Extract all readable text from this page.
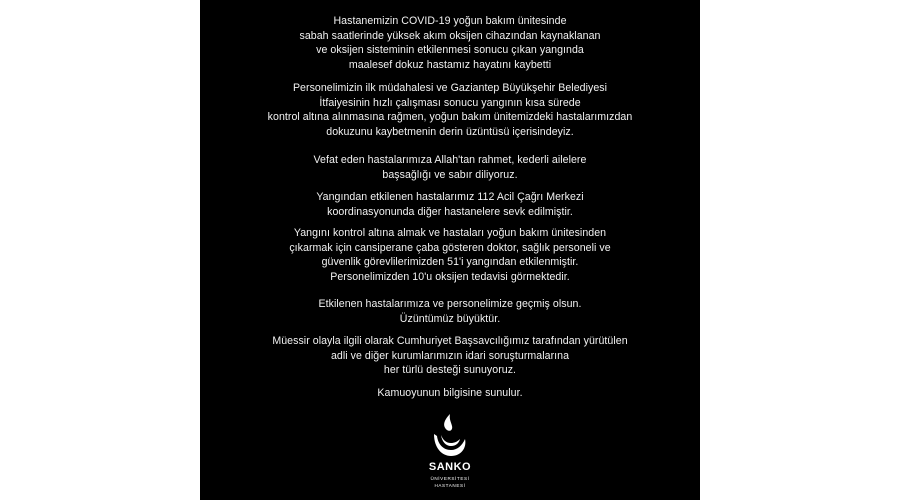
Hastanemizin COVID-19 yoğun bakım ünitesinde
sabah saatlerinde yüksek akım oksijen cihazından kaynaklanan
ve oksijen sisteminin etkilenmesi sonucu çıkan yangında
maalesef dokuz hastamız hayatını kaybetti

Personelimizin ilk müdahalesi ve Gaziantep Büyükşehir Belediyesi
İtfaiyesinin hızlı çalışması sonucu yangının kısa sürede
kontrol altına alınmasına rağmen, yoğun bakım ünitemizdeki hastalarımızdan
dokuzunu kaybetmenin derin üzüntüsü içerisindeyiz.

Vefat eden hastalarımıza Allah'tan rahmet, kederli ailelere
başsağlığı ve sabır diliyoruz.

Yangından etkilenen hastalarımız 112 Acil Çağrı Merkezi
koordinasyonunda diğer hastanelere sevk edilmiştir.

Yangını kontrol altına almak ve hastaları yoğun bakım ünitesinden
çıkarmak için cansiperane çaba gösteren doktor, sağlık personeli ve
güvenlik görevlilerimizden 51'i yangından etkilenmiştir.
Personelimizden 10'u oksijen tedavisi görmektedir.

Etkilenen hastalarımıza ve personelimize geçmiş olsun.
Üzüntümüz büyüktür.

Müessir olayla ilgili olarak Cumhuriyet Başsavcılığımız tarafından yürütülen
adli ve diğer kurumlarımızın idari soruşturmalarına
her türlü desteği sunuyoruz.

Kamuoyunun bilgisine sunulur.

SANKO
ÜNİVERSİTESİ
HASTANESİ
